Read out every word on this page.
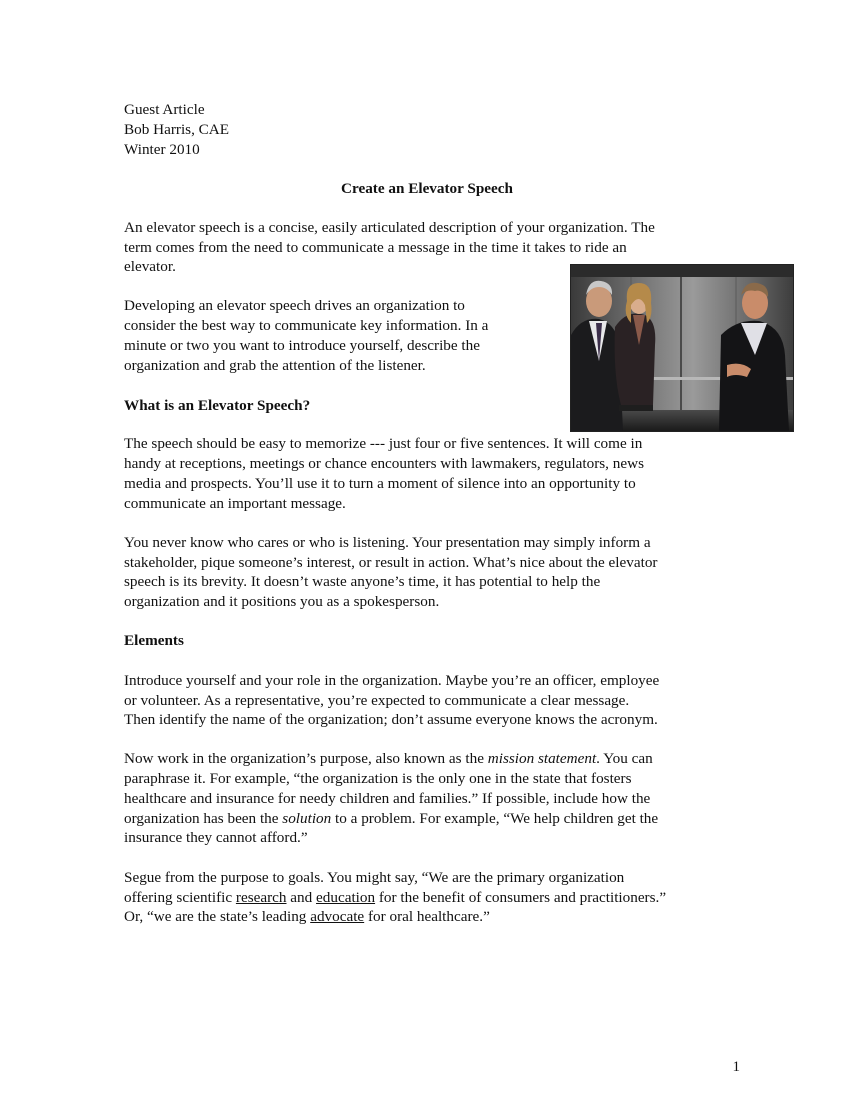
Guest Article

Bob Harris, CAE

Winter 2010

Create an Elevator Speech

An elevator speech is a concise, easily articulated description of your organization. The

term comes from the need to communicate a message in the time it takes to ride an

elevator.

Developing an elevator speech drives an organization to

consider the best way to communicate key information. In a

minute or two you want to introduce yourself, describe the

organization and grab the attention of the listener.

What is an Elevator Speech?

The speech should be easy to memorize --- just four or five sentences. It will come in

handy at receptions, meetings or chance encounters with lawmakers, regulators, news

media and prospects. You’ll use it to turn a moment of silence into an opportunity to

communicate an important message.

You never know who cares or who is listening. Your presentation may simply inform a

stakeholder, pique someone’s interest, or result in action. What’s nice about the elevator

speech is its brevity. It doesn’t waste anyone’s time, it has potential to help the

organization and it positions you as a spokesperson.

Elements

Introduce yourself and your role in the organization. Maybe you’re an officer, employee

or volunteer. As a representative, you’re expected to communicate a clear message.

Then identify the name of the organization; don’t assume everyone knows the acronym.

Now work in the organization’s purpose, also known as the mission statement. You can

paraphrase it. For example, “the organization is the only one in the state that fosters

healthcare and insurance for needy children and families.” If possible, include how the

organization has been the solution to a problem. For example, “We help children get the

insurance they cannot afford.”

Segue from the purpose to goals. You might say, “We are the primary organization

offering scientific research and education for the benefit of consumers and practitioners.”

Or, “we are the state’s leading advocate for oral healthcare.”

1
